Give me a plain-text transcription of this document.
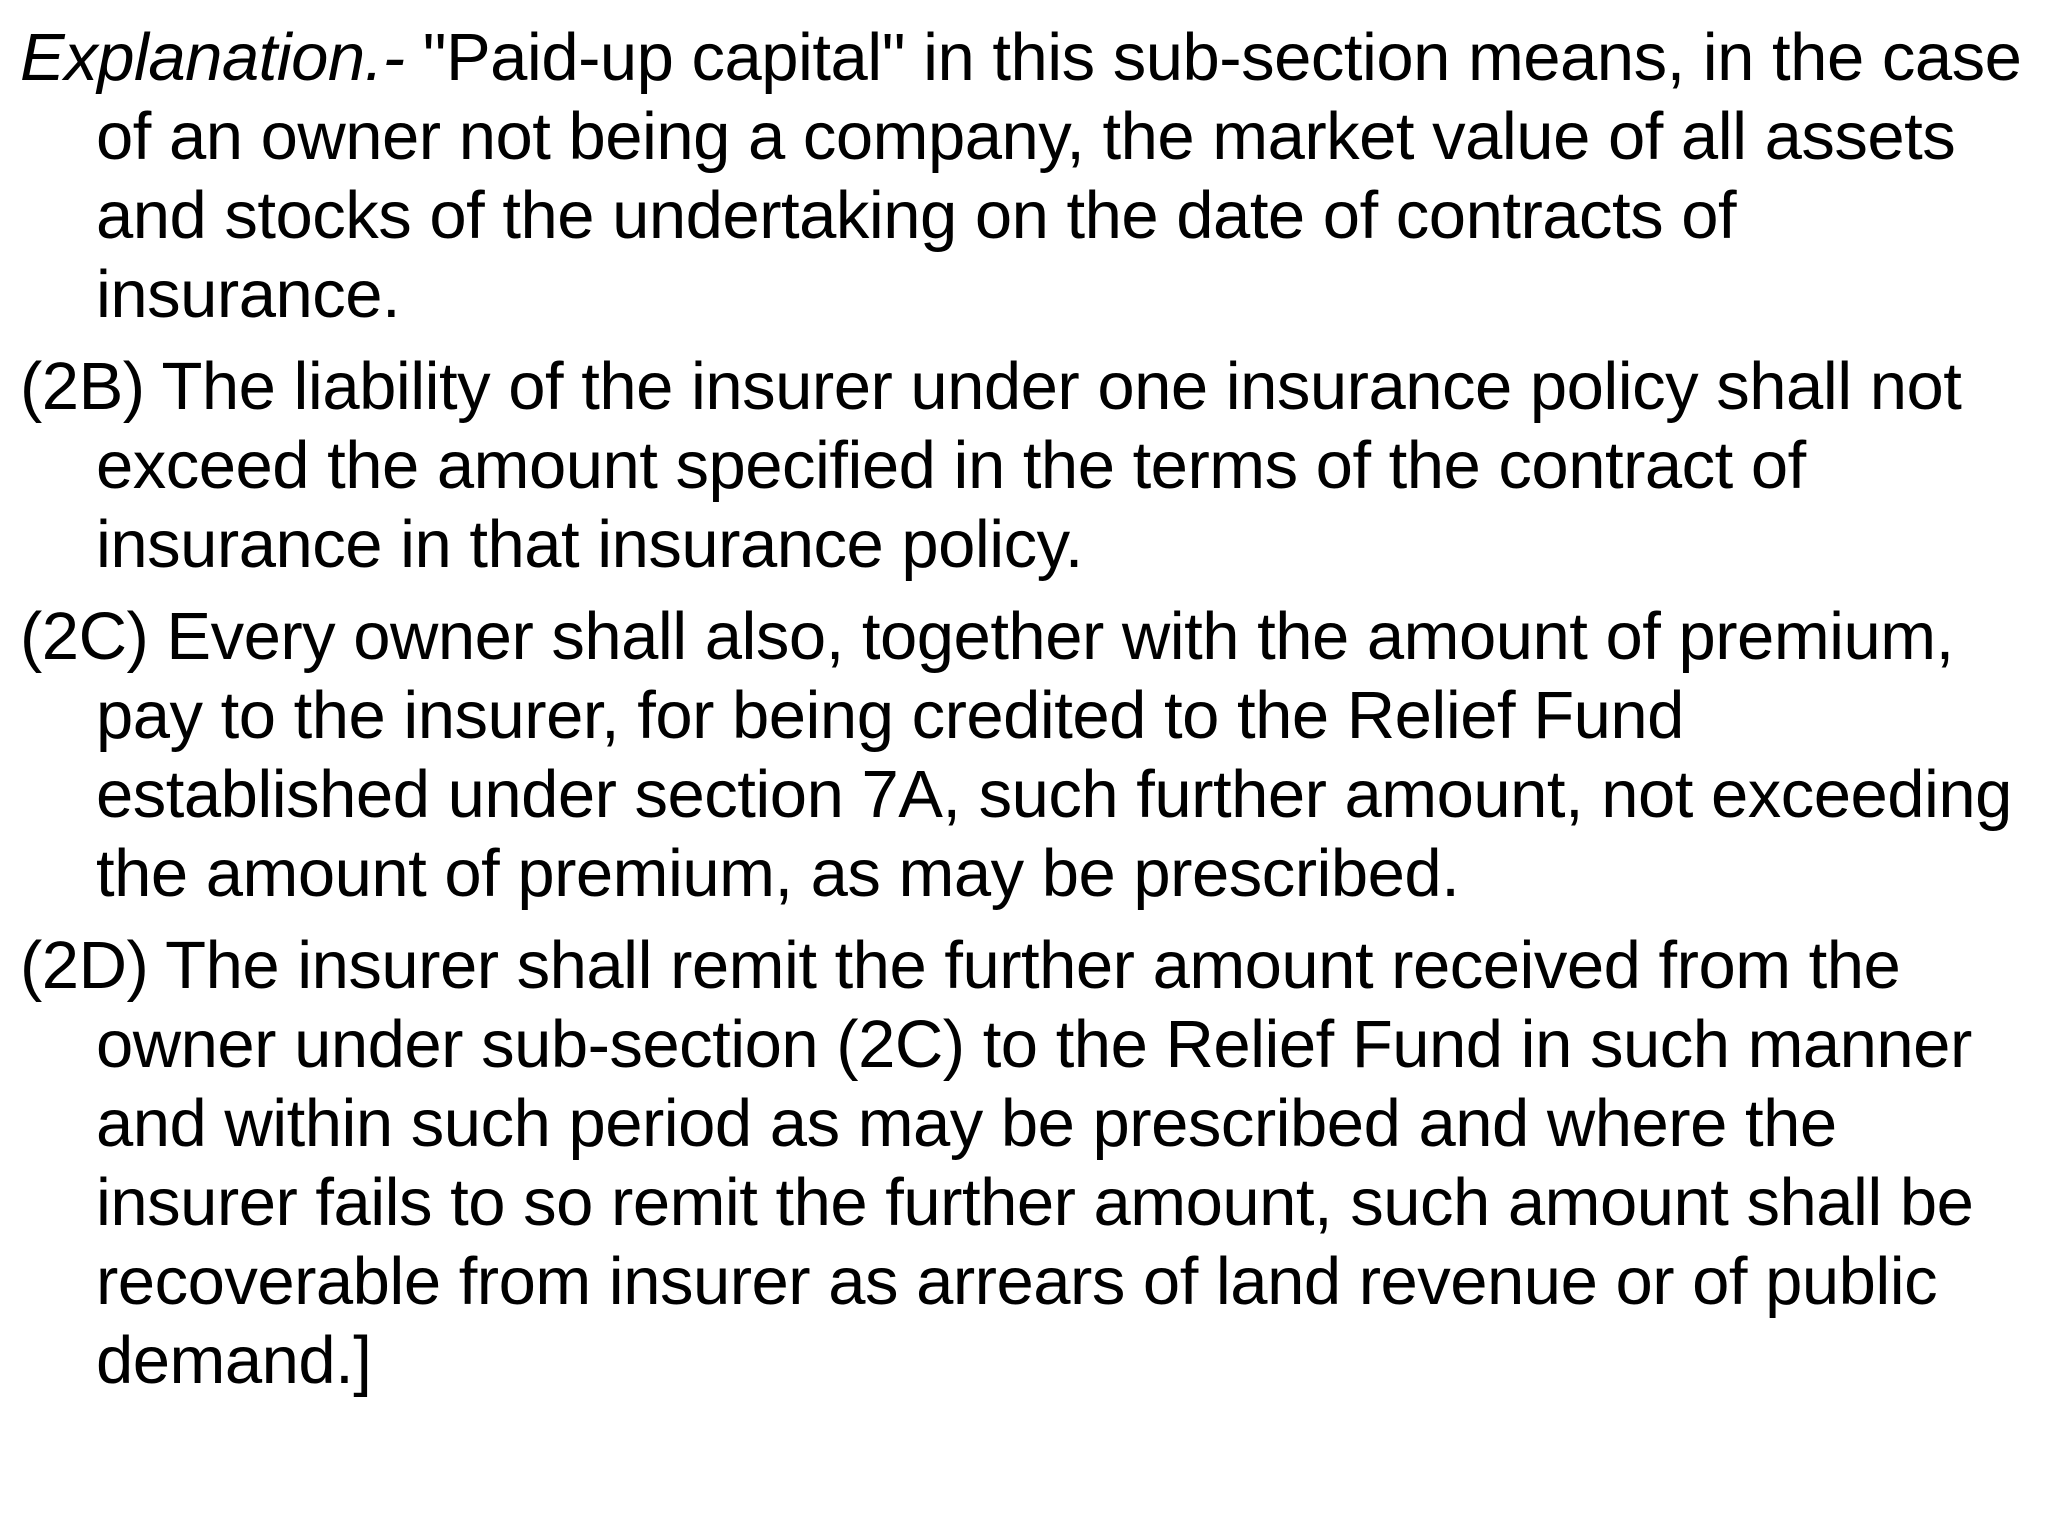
Explanation.- "Paid-up capital" in this sub-section means, in the case of an owner not being a company, the market value of all assets and stocks of the undertaking on the date of contracts of insurance.

(2B) The liability of the insurer under one insurance policy shall not exceed the amount specified in the terms of the contract of insurance in that insurance policy.

(2C) Every owner shall also, together with the amount of premium, pay to the insurer, for being credited to the Relief Fund established under section 7A, such further amount, not exceeding the amount of premium, as may be prescribed.

(2D) The insurer shall remit the further amount received from the owner under sub-section (2C) to the Relief Fund in such manner and within such period as may be prescribed and where the insurer fails to so remit the further amount, such amount shall be recoverable from insurer as arrears of land revenue or of public demand.]
